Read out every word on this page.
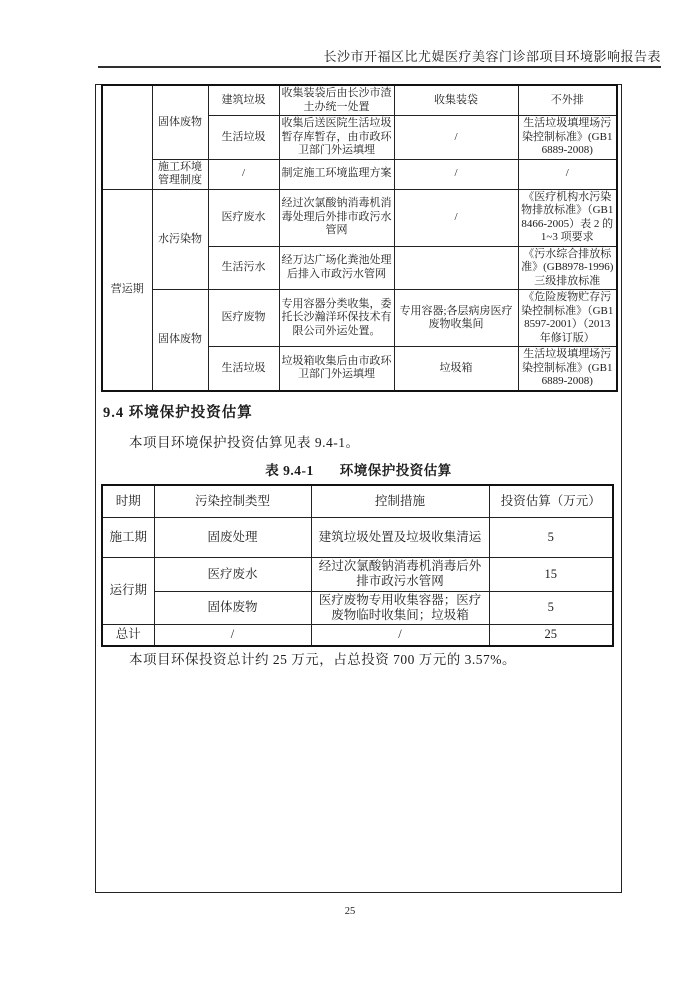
长沙市开福区比尤媞医疗美容门诊部项目环境影响报告表
	固体废物	建筑垃圾	收集装袋后由长沙市渣土办统一处置	收集装袋	不外排
		生活垃圾	收集后送医院生活垃圾暂存库暂存，由市政环卫部门外运填埋	/	生活垃圾填埋场污染控制标准》(GB16889-2008)
	施工环境管理制度	/	制定施工环境监理方案	/	/
营运期	水污染物	医疗废水	经过次氯酸钠消毒机消毒处理后外排市政污水管网	/	《医疗机构水污染物排放标准》（GB18466-2005）表 2 的 1~3 项要求
		生活污水	经万达广场化粪池处理后排入市政污水管网		《污水综合排放标准》(GB8978-1996)三级排放标准
	固体废物	医疗废物	专用容器分类收集，委托长沙瀚洋环保技术有限公司外运处置。	专用容器;各层病房医疗废物收集间	《危险废物贮存污染控制标准》（GB18597-2001）（2013 年修订版）
		生活垃圾	垃圾箱收集后由市政环卫部门外运填埋	垃圾箱	生活垃圾填埋场污染控制标准》(GB16889-2008)
9.4 环境保护投资估算
本项目环境保护投资估算见表 9.4-1。
表 9.4-1 环境保护投资估算
时期	污染控制类型	控制措施	投资估算（万元）
施工期	固废处理	建筑垃圾处置及垃圾收集清运	5
运行期	医疗废水	经过次氯酸钠消毒机消毒后外排市政污水管网	15
	固体废物	医疗废物专用收集容器；医疗废物临时收集间；垃圾箱	5
总计	/	/	25
本项目环保投资总计约 25 万元，占总投资 700 万元的 3.57%。
25
